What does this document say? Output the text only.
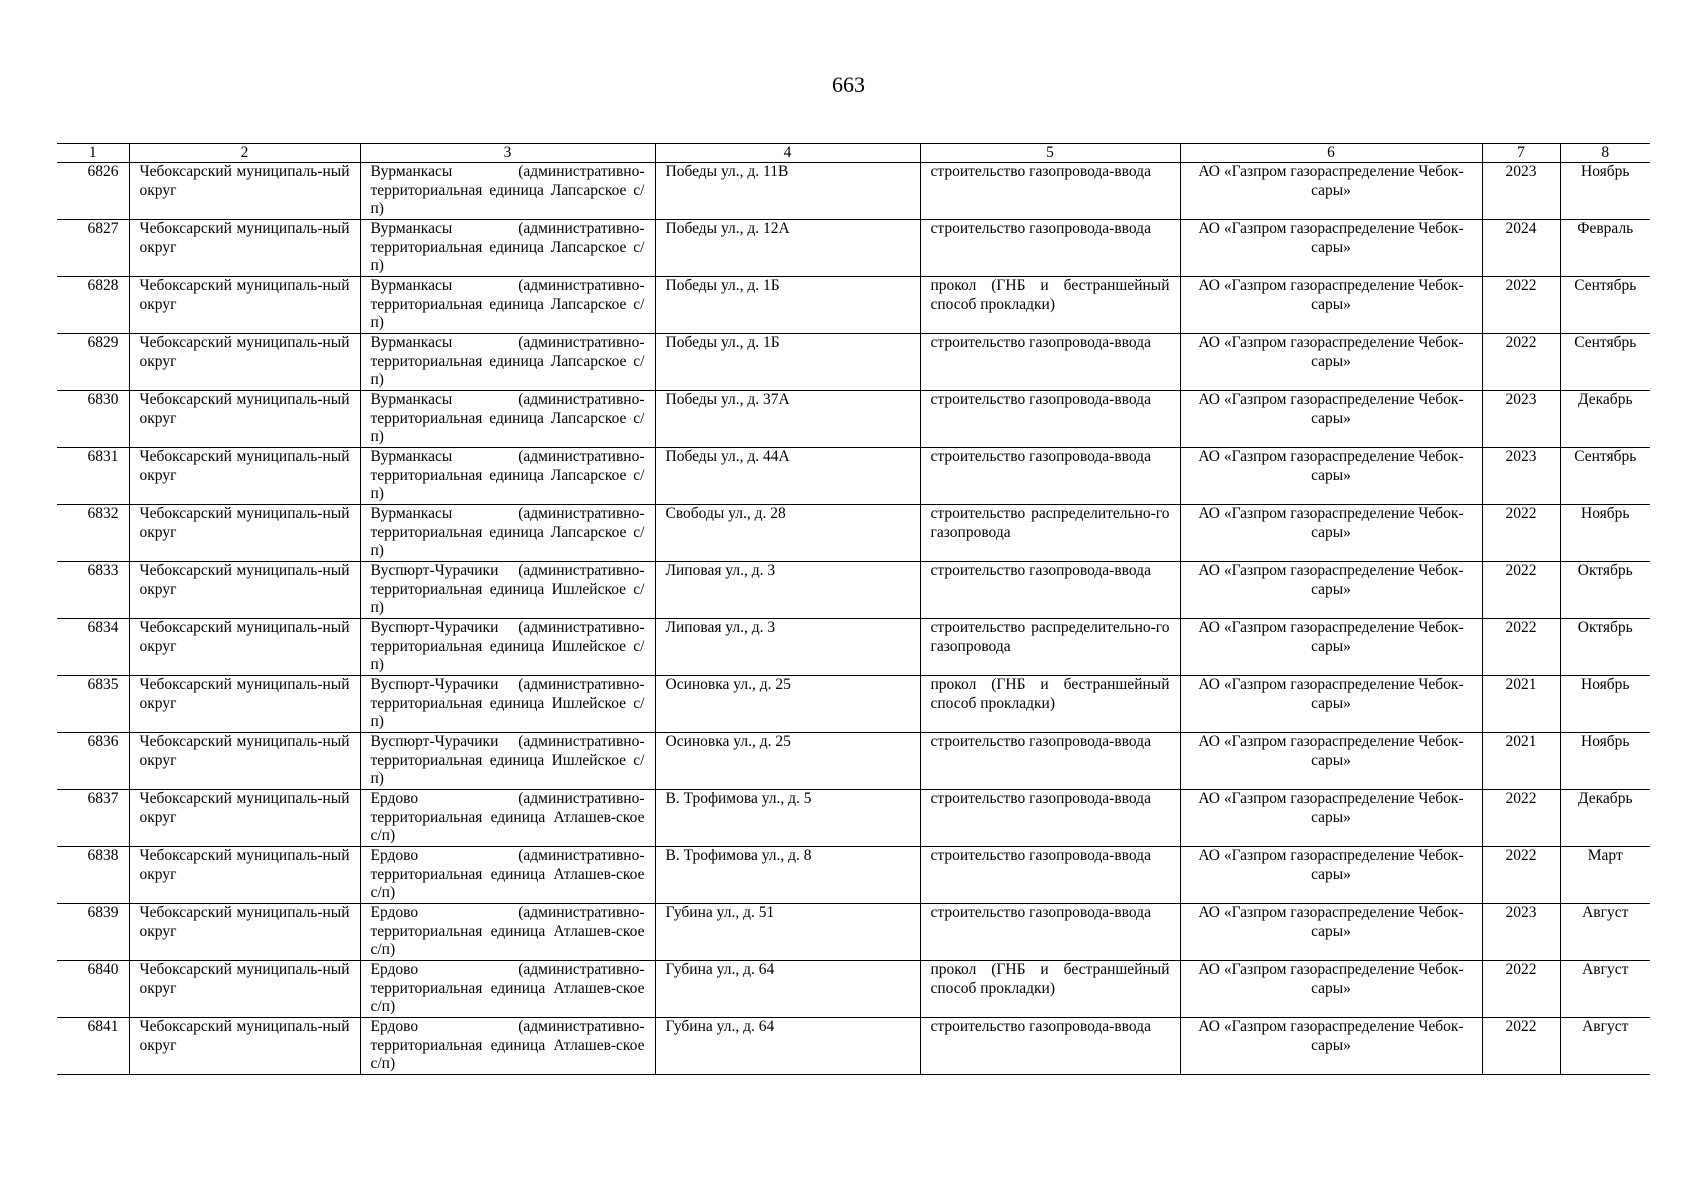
663
1	2	3	4	5	6	7	8
6826	Чебоксарский муниципаль-ный округ	Вурманкасы (административно-территориальная единица Лапсарское с/п)	Победы ул., д. 11В	строительство газопровода-ввода	АО «Газпром газораспределение Чебок-сары»	2023	Ноябрь
6827	Чебоксарский муниципаль-ный округ	Вурманкасы (административно-территориальная единица Лапсарское с/п)	Победы ул., д. 12А	строительство газопровода-ввода	АО «Газпром газораспределение Чебок-сары»	2024	Февраль
6828	Чебоксарский муниципаль-ный округ	Вурманкасы (административно-территориальная единица Лапсарское с/п)	Победы ул., д. 1Б	прокол (ГНБ и бестраншейный способ прокладки)	АО «Газпром газораспределение Чебок-сары»	2022	Сентябрь
6829	Чебоксарский муниципаль-ный округ	Вурманкасы (административно-территориальная единица Лапсарское с/п)	Победы ул., д. 1Б	строительство газопровода-ввода	АО «Газпром газораспределение Чебок-сары»	2022	Сентябрь
6830	Чебоксарский муниципаль-ный округ	Вурманкасы (административно-территориальная единица Лапсарское с/п)	Победы ул., д. 37А	строительство газопровода-ввода	АО «Газпром газораспределение Чебок-сары»	2023	Декабрь
6831	Чебоксарский муниципаль-ный округ	Вурманкасы (административно-территориальная единица Лапсарское с/п)	Победы ул., д. 44А	строительство газопровода-ввода	АО «Газпром газораспределение Чебок-сары»	2023	Сентябрь
6832	Чебоксарский муниципаль-ный округ	Вурманкасы (административно-территориальная единица Лапсарское с/п)	Свободы ул., д. 28	строительство распределительно-го газопровода	АО «Газпром газораспределение Чебок-сары»	2022	Ноябрь
6833	Чебоксарский муниципаль-ный округ	Вуспюрт-Чурачики (административно-территориальная единица Ишлейское с/п)	Липовая ул., д. 3	строительство газопровода-ввода	АО «Газпром газораспределение Чебок-сары»	2022	Октябрь
6834	Чебоксарский муниципаль-ный округ	Вуспюрт-Чурачики (административно-территориальная единица Ишлейское с/п)	Липовая ул., д. 3	строительство распределительно-го газопровода	АО «Газпром газораспределение Чебок-сары»	2022	Октябрь
6835	Чебоксарский муниципаль-ный округ	Вуспюрт-Чурачики (административно-территориальная единица Ишлейское с/п)	Осиновка ул., д. 25	прокол (ГНБ и бестраншейный способ прокладки)	АО «Газпром газораспределение Чебок-сары»	2021	Ноябрь
6836	Чебоксарский муниципаль-ный округ	Вуспюрт-Чурачики (административно-территориальная единица Ишлейское с/п)	Осиновка ул., д. 25	строительство газопровода-ввода	АО «Газпром газораспределение Чебок-сары»	2021	Ноябрь
6837	Чебоксарский муниципаль-ный округ	Ердово (административно-территориальная единица Атлашев-ское с/п)	В. Трофимова ул., д. 5	строительство газопровода-ввода	АО «Газпром газораспределение Чебок-сары»	2022	Декабрь
6838	Чебоксарский муниципаль-ный округ	Ердово (административно-территориальная единица Атлашев-ское с/п)	В. Трофимова ул., д. 8	строительство газопровода-ввода	АО «Газпром газораспределение Чебок-сары»	2022	Март
6839	Чебоксарский муниципаль-ный округ	Ердово (административно-территориальная единица Атлашев-ское с/п)	Губина ул., д. 51	строительство газопровода-ввода	АО «Газпром газораспределение Чебок-сары»	2023	Август
6840	Чебоксарский муниципаль-ный округ	Ердово (административно-территориальная единица Атлашев-ское с/п)	Губина ул., д. 64	прокол (ГНБ и бестраншейный способ прокладки)	АО «Газпром газораспределение Чебок-сары»	2022	Август
6841	Чебоксарский муниципаль-ный округ	Ердово (административно-территориальная единица Атлашев-ское с/п)	Губина ул., д. 64	строительство газопровода-ввода	АО «Газпром газораспределение Чебок-сары»	2022	Август
